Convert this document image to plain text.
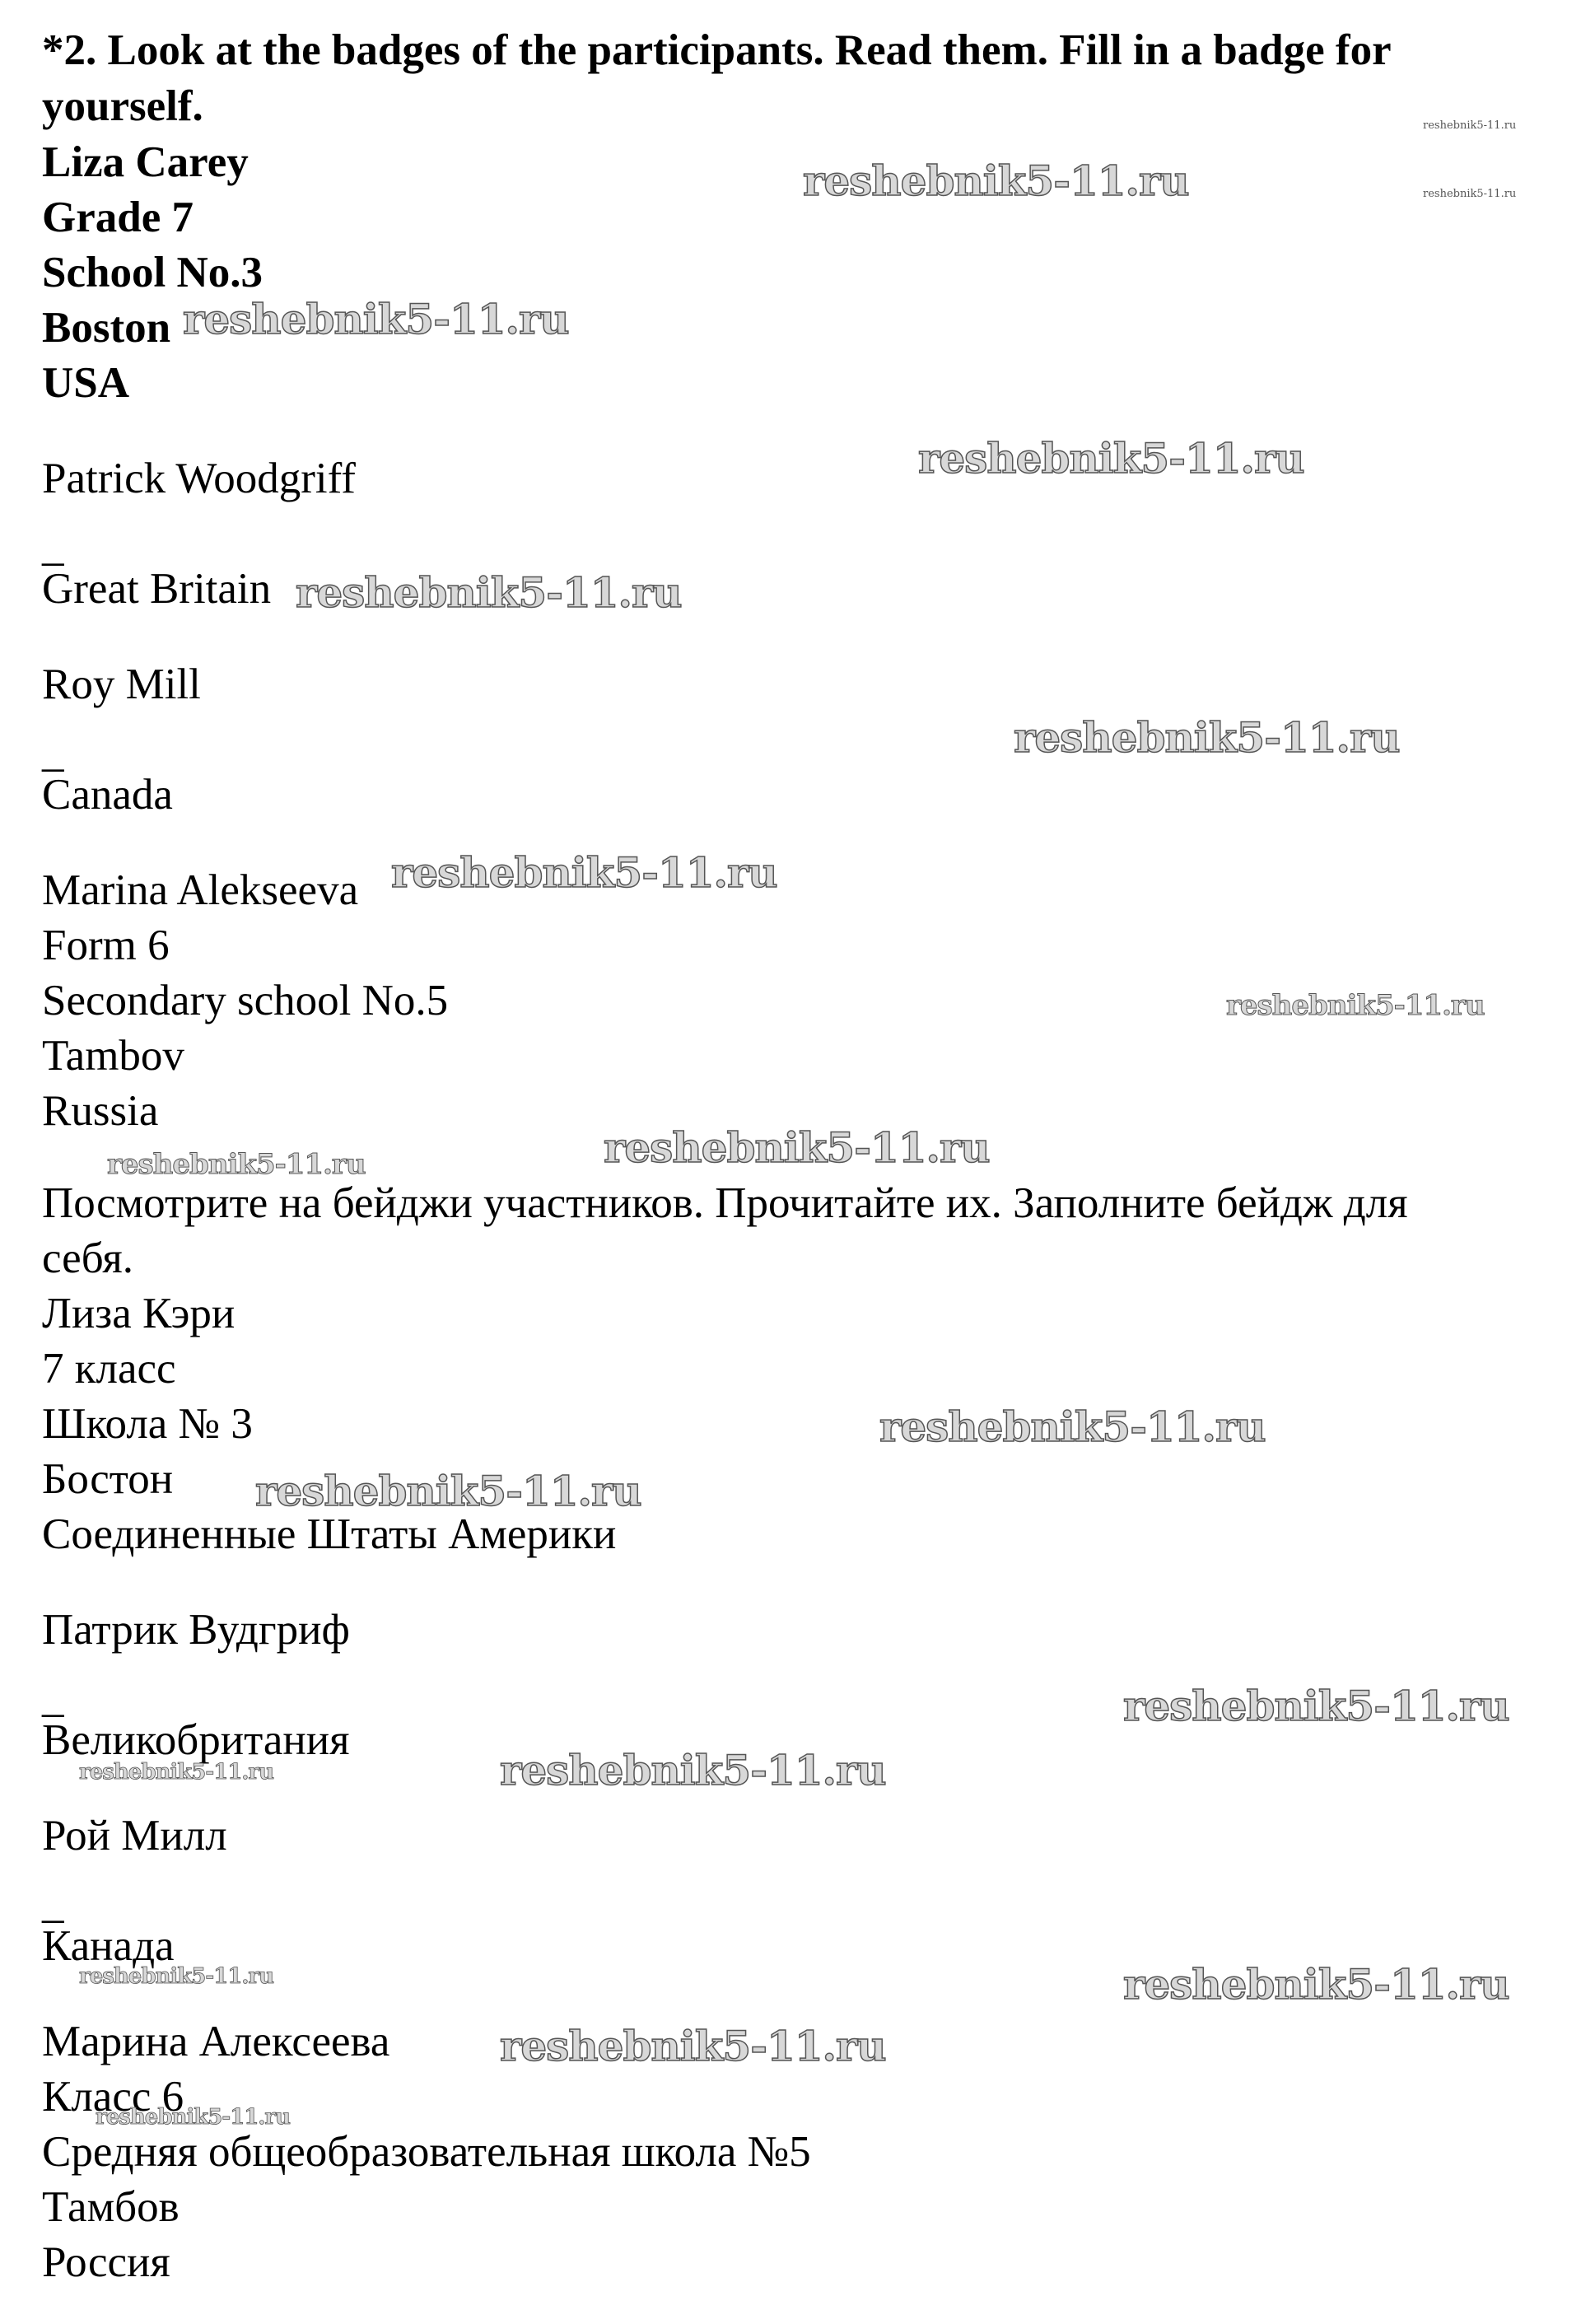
*2. Look at the badges of the participants. Read them. Fill in a badge for
yourself.
Liza Carey
Grade 7
School No.3
Boston
USA
Patrick Woodgriff
_
Great Britain
Roy Mill
_
Canada
Marina Alekseeva
Form 6
Secondary school No.5
Tambov
Russia
Посмотрите на бейджи участников. Прочитайте их. Заполните бейдж для
себя.
Лиза Кэри
7 класс
Школа № 3
Бостон
Соединенные Штаты Америки
Патрик Вудгриф
_
Великобритания
Рой Милл
_
Канада
Марина Алексеева
Класс 6
Средняя общеобразовательная школа №5
Тамбов
Россия
reshebnik5-11.ru
reshebnik5-11.ru
reshebnik5-11.ru
reshebnik5-11.ru
reshebnik5-11.ru
reshebnik5-11.ru
reshebnik5-11.ru
reshebnik5-11.ru
reshebnik5-11.ru
reshebnik5-11.ru	reshebnik5-11.ru
reshebnik5-11.ru
reshebnik5-11.ru
reshebnik5-11.ru
reshebnik5-11.ru	reshebnik5-11.ru
reshebnik5-11.ru	reshebnik5-11.ru
reshebnik5-11.ru
reshebnik5-11.ru
